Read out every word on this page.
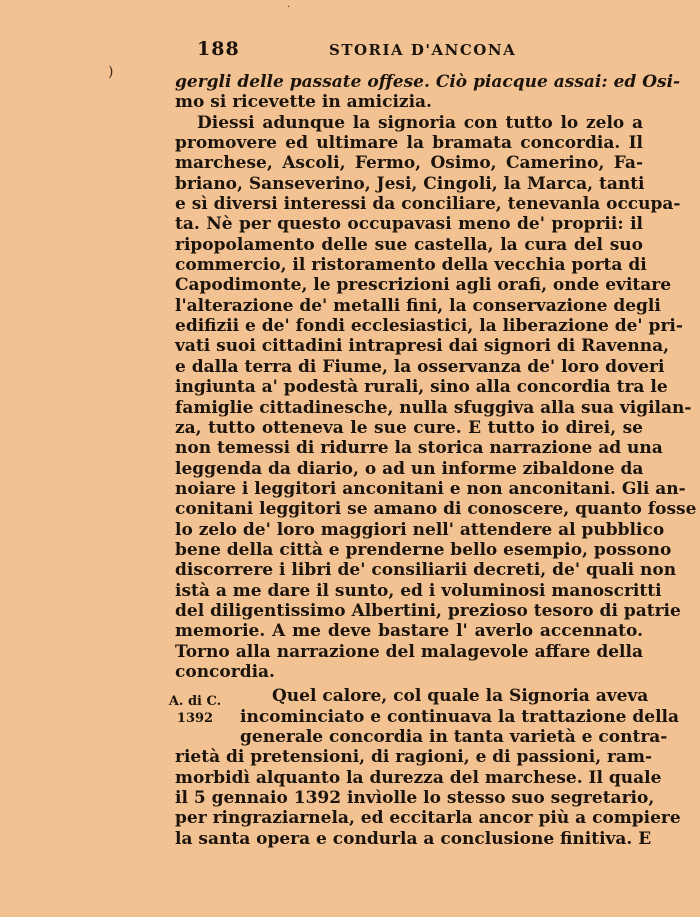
188	STORIA D'ANCONA
)
·
A. di C.
1392
gergli delle passate offese. Ciò piacque assai: ed Osi-
mo si ricevette in amicizia.
Diessi adunque la signoria con tutto lo zelo a
promovere ed ultimare la bramata concordia. Il
marchese, Ascoli, Fermo, Osimo, Camerino, Fa-
briano, Sanseverino, Jesi, Cingoli, la Marca, tanti
e sì diversi interessi da conciliare, tenevanla occupa-
ta. Nè per questo occupavasi meno de' proprii: il
ripopolamento delle sue castella, la cura del suo
commercio, il ristoramento della vecchia porta di
Capodimonte, le prescrizioni agli orafi, onde evitare
l'alterazione de' metalli fini, la conservazione degli
edifizii e de' fondi ecclesiastici, la liberazione de' pri-
vati suoi cittadini intrapresi dai signori di Ravenna,
e dalla terra di Fiume, la osservanza de' loro doveri
ingiunta a' podestà rurali, sino alla concordia tra le
famiglie cittadinesche, nulla sfuggiva alla sua vigilan-
za, tutto otteneva le sue cure. E tutto io direi, se
non temessi di ridurre la storica narrazione ad una
leggenda da diario, o ad un informe zibaldone da
noiare i leggitori anconitani e non anconitani. Gli an-
conitani leggitori se amano di conoscere, quanto fosse
lo zelo de' loro maggiori nell' attendere al pubblico
bene della città e prenderne bello esempio, possono
discorrere i libri de' consiliarii decreti, de' quali non
istà a me dare il sunto, ed i voluminosi manoscritti
del diligentissimo Albertini, prezioso tesoro di patrie
memorie. A me deve bastare l' averlo accennato.
Torno alla narrazione del malagevole affare della
concordia.
Quel calore, col quale la Signoria aveva
incominciato e continuava la trattazione della
generale concordia in tanta varietà e contra-
rietà di pretensioni, di ragioni, e di passioni, ram-
morbidì alquanto la durezza del marchese. Il quale
il 5 gennaio 1392 invìolle lo stesso suo segretario,
per ringraziarnela, ed eccitarla ancor più a compiere
la santa opera e condurla a conclusione finitiva. E
